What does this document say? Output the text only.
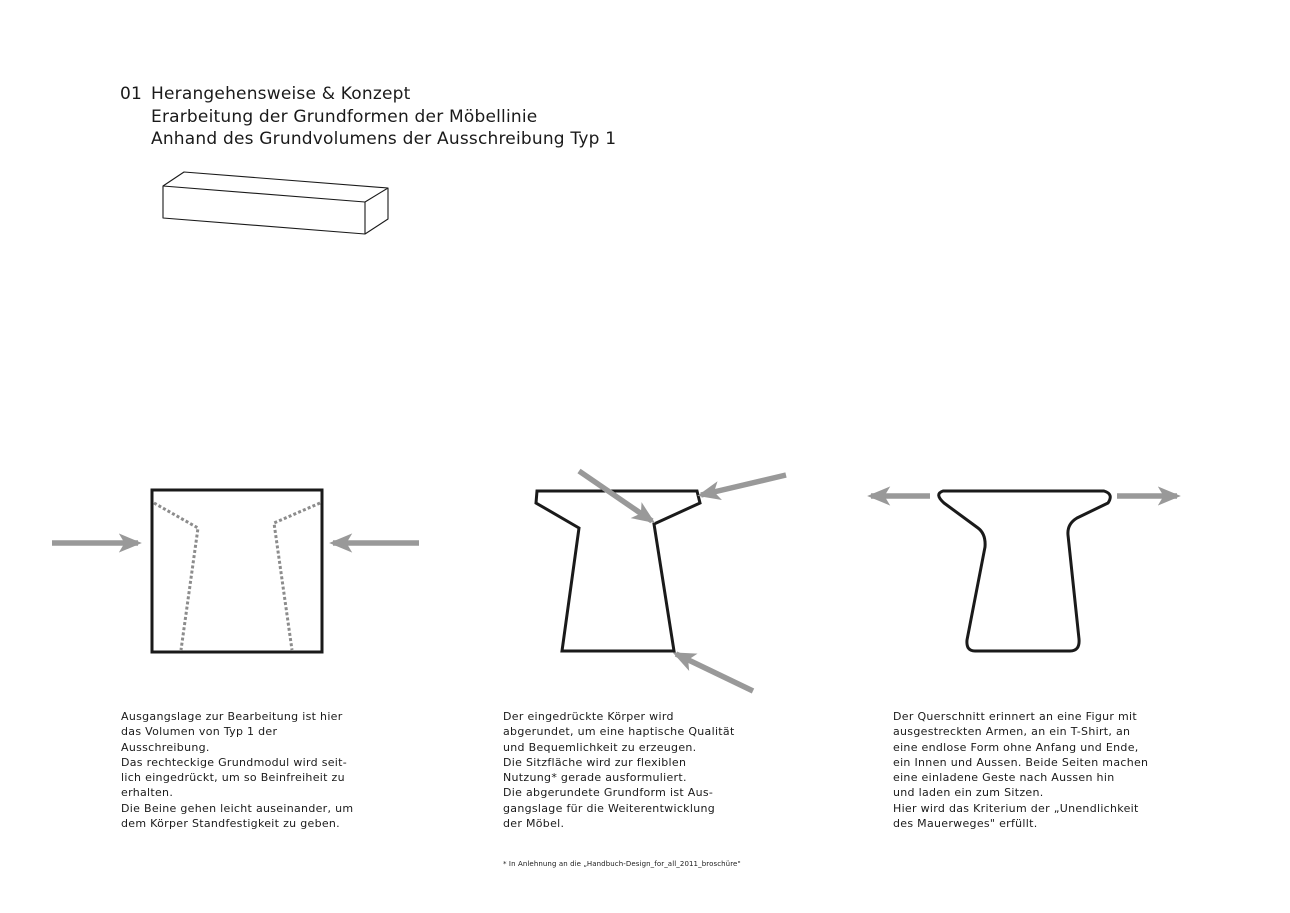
01 Herangehensweise & Konzept
Erarbeitung der Grundformen der Möbellinie
Anhand des Grundvolumens der Ausschreibung Typ 1
Ausgangslage zur Bearbeitung ist hier
das Volumen von Typ 1 der
Ausschreibung.
Das rechteckige Grundmodul wird seit-
lich eingedrückt, um so Beinfreiheit zu
erhalten.
Die Beine gehen leicht auseinander, um
dem Körper Standfestigkeit zu geben.
Der eingedrückte Körper wird
abgerundet, um eine haptische Qualität
und Bequemlichkeit zu erzeugen.
Die Sitzfläche wird zur flexiblen
Nutzung* gerade ausformuliert.
Die abgerundete Grundform ist Aus-
gangslage für die Weiterentwicklung
der Möbel.
Der Querschnitt erinnert an eine Figur mit
ausgestreckten Armen, an ein T-Shirt, an
eine endlose Form ohne Anfang und Ende,
ein Innen und Aussen. Beide Seiten machen
eine einladene Geste nach Aussen hin
und laden ein zum Sitzen.
Hier wird das Kriterium der „Unendlichkeit
des Mauerweges" erfüllt.
* In Anlehnung an die „Handbuch-Design_for_all_2011_broschüre"
